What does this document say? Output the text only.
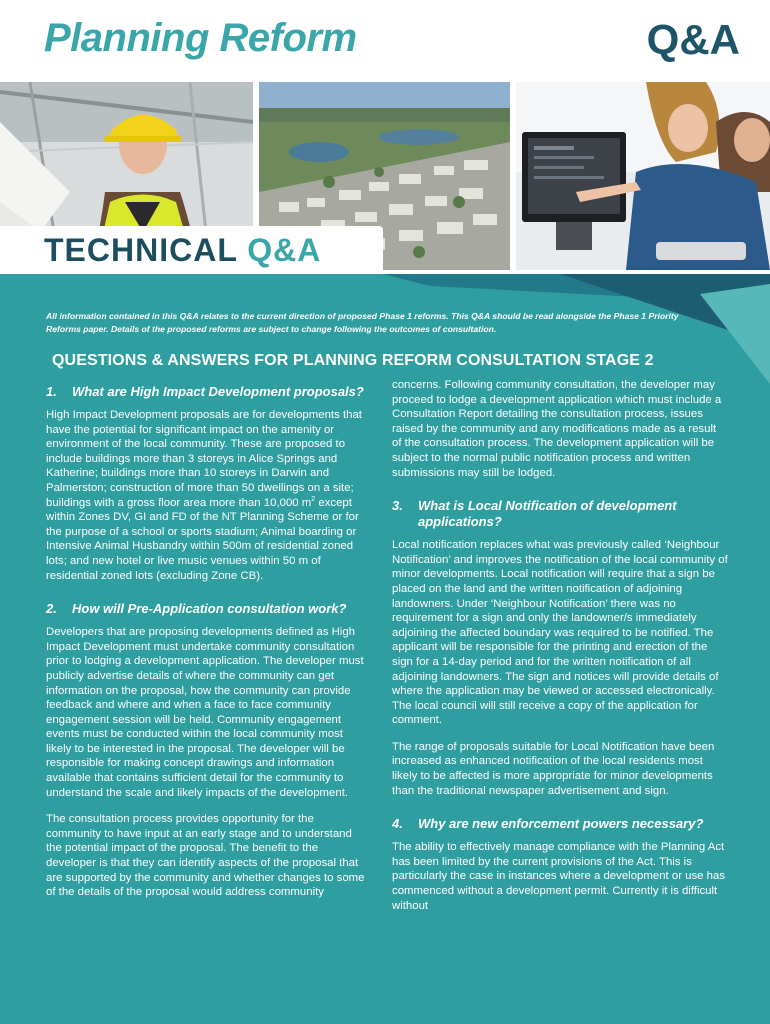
Planning Reform	Q&A
TECHNICAL Q&A
All information contained in this Q&A relates to the current direction of proposed Phase 1 reforms. This Q&A should be read alongside the Phase 1 Priority Reforms paper. Details of the proposed reforms are subject to change following the outcomes of consultation.
QUESTIONS & ANSWERS FOR PLANNING REFORM CONSULTATION STAGE 2
1.	What are High Impact Development proposals?

High Impact Development proposals are for developments that have the potential for significant impact on the amenity or environment of the local community. These are proposed to include buildings more than 3 storeys in Alice Springs and Katherine; buildings more than 10 storeys in Darwin and Palmerston; construction of more than 50 dwellings on a site; buildings with a gross floor area more than 10,000 $m^2$ except within Zones DV, GI and FD of the NT Planning Scheme or for the purpose of a school or sports stadium; Animal boarding or Intensive Animal Husbandry within 500m of residential zoned lots; and new hotel or live music venues within 50 m of residential zoned lots (excluding Zone CB).

2.	How will Pre-Application consultation work?

Developers that are proposing developments defined as High Impact Development must undertake community consultation prior to lodging a development application. The developer must publicly advertise details of where the community can get information on the proposal, how the community can provide feedback and where and when a face to face community engagement session will be held. Community engagement events must be conducted within the local community most likely to be interested in the proposal. The developer will be responsible for making concept drawings and information available that contains sufficient detail for the community to understand the scale and likely impacts of the development.

The consultation process provides opportunity for the community to have input at an early stage and to understand the potential impact of the proposal. The benefit to the developer is that they can identify aspects of the proposal that are supported by the community and whether changes to some of the details of the proposal would address community

concerns. Following community consultation, the developer may proceed to lodge a development application which must include a Consultation Report detailing the consultation process, issues raised by the community and any modifications made as a result of the consultation process. The development application will be subject to the normal public notification process and written submissions may still be lodged.

3.	What is Local Notification of development applications?

Local notification replaces what was previously called ‘Neighbour Notification’ and improves the notification of the local community of minor developments. Local notification will require that a sign be placed on the land and the written notification of adjoining landowners. Under ‘Neighbour Notification’ there was no requirement for a sign and only the landowner/s immediately adjoining the affected boundary was required to be notified. The applicant will be responsible for the printing and erection of the sign for a 14-day period and for the written notification of all adjoining landowners. The sign and notices will provide details of where the application may be viewed or accessed electronically. The local council will still receive a copy of the application for comment.

The range of proposals suitable for Local Notification have been increased as enhanced notification of the local residents most likely to be affected is more appropriate for minor developments than the traditional newspaper advertisement and sign.

4.	Why are new enforcement powers necessary?

The ability to effectively manage compliance with the Planning Act has been limited by the current provisions of the Act. This is particularly the case in instances where a development or use has commenced without a development permit. Currently it is difficult without
